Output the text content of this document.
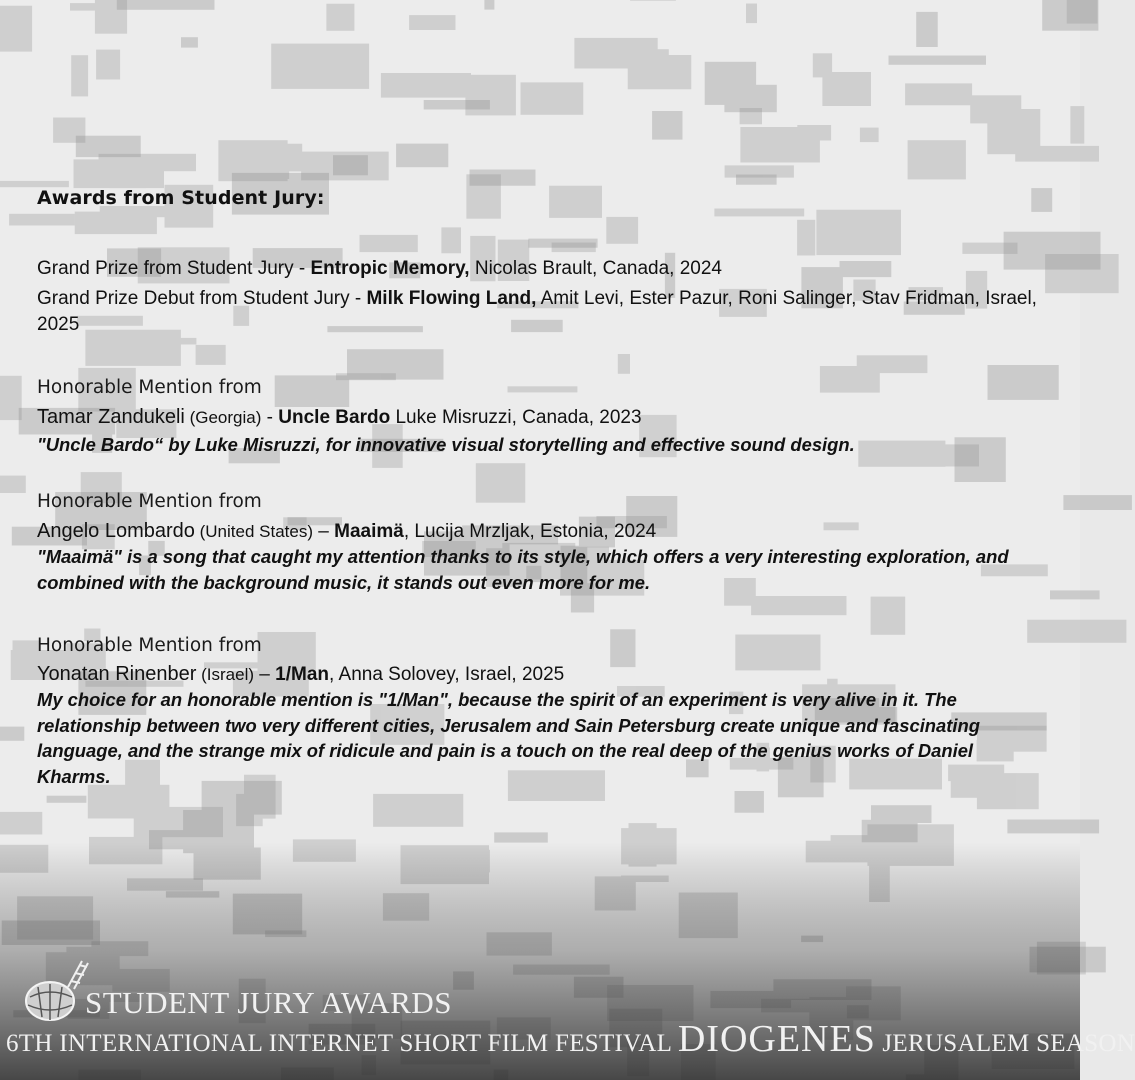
Awards from Student Jury:
Grand Prize from Student Jury - Entropic Memory, Nicolas Brault, Canada, 2024
Grand Prize Debut from Student Jury - Milk Flowing Land, Amit Levi, Ester Pazur, Roni Salinger, Stav Fridman, Israel, 2025
Honorable Mention from
Tamar Zandukeli (Georgia) - Uncle Bardo Luke Misruzzi, Canada, 2023
"Uncle Bardo“ by Luke Misruzzi, for innovative visual storytelling and effective sound design.
Honorable Mention from
Angelo Lombardo (United States) – Maaimä, Lucija Mrzljak, Estonia, 2024
"Maaimä" is a song that caught my attention thanks to its style, which offers a very interesting exploration, and combined with the background music, it stands out even more for me.
Honorable Mention from
Yonatan Rinenber (Israel) – 1/Man, Anna Solovey, Israel, 2025
My choice for an honorable mention is "1/Man", because the spirit of an experiment is very alive in it. The relationship between two very different cities, Jerusalem and Sain Petersburg create unique and fascinating language, and the strange mix of ridicule and pain is a touch on the real deep of the genius works of Daniel Kharms.
STUDENT JURY AWARDS
6TH INTERNATIONAL INTERNET SHORT FILM FESTIVAL DIOGENES JERUSALEM SEASON
